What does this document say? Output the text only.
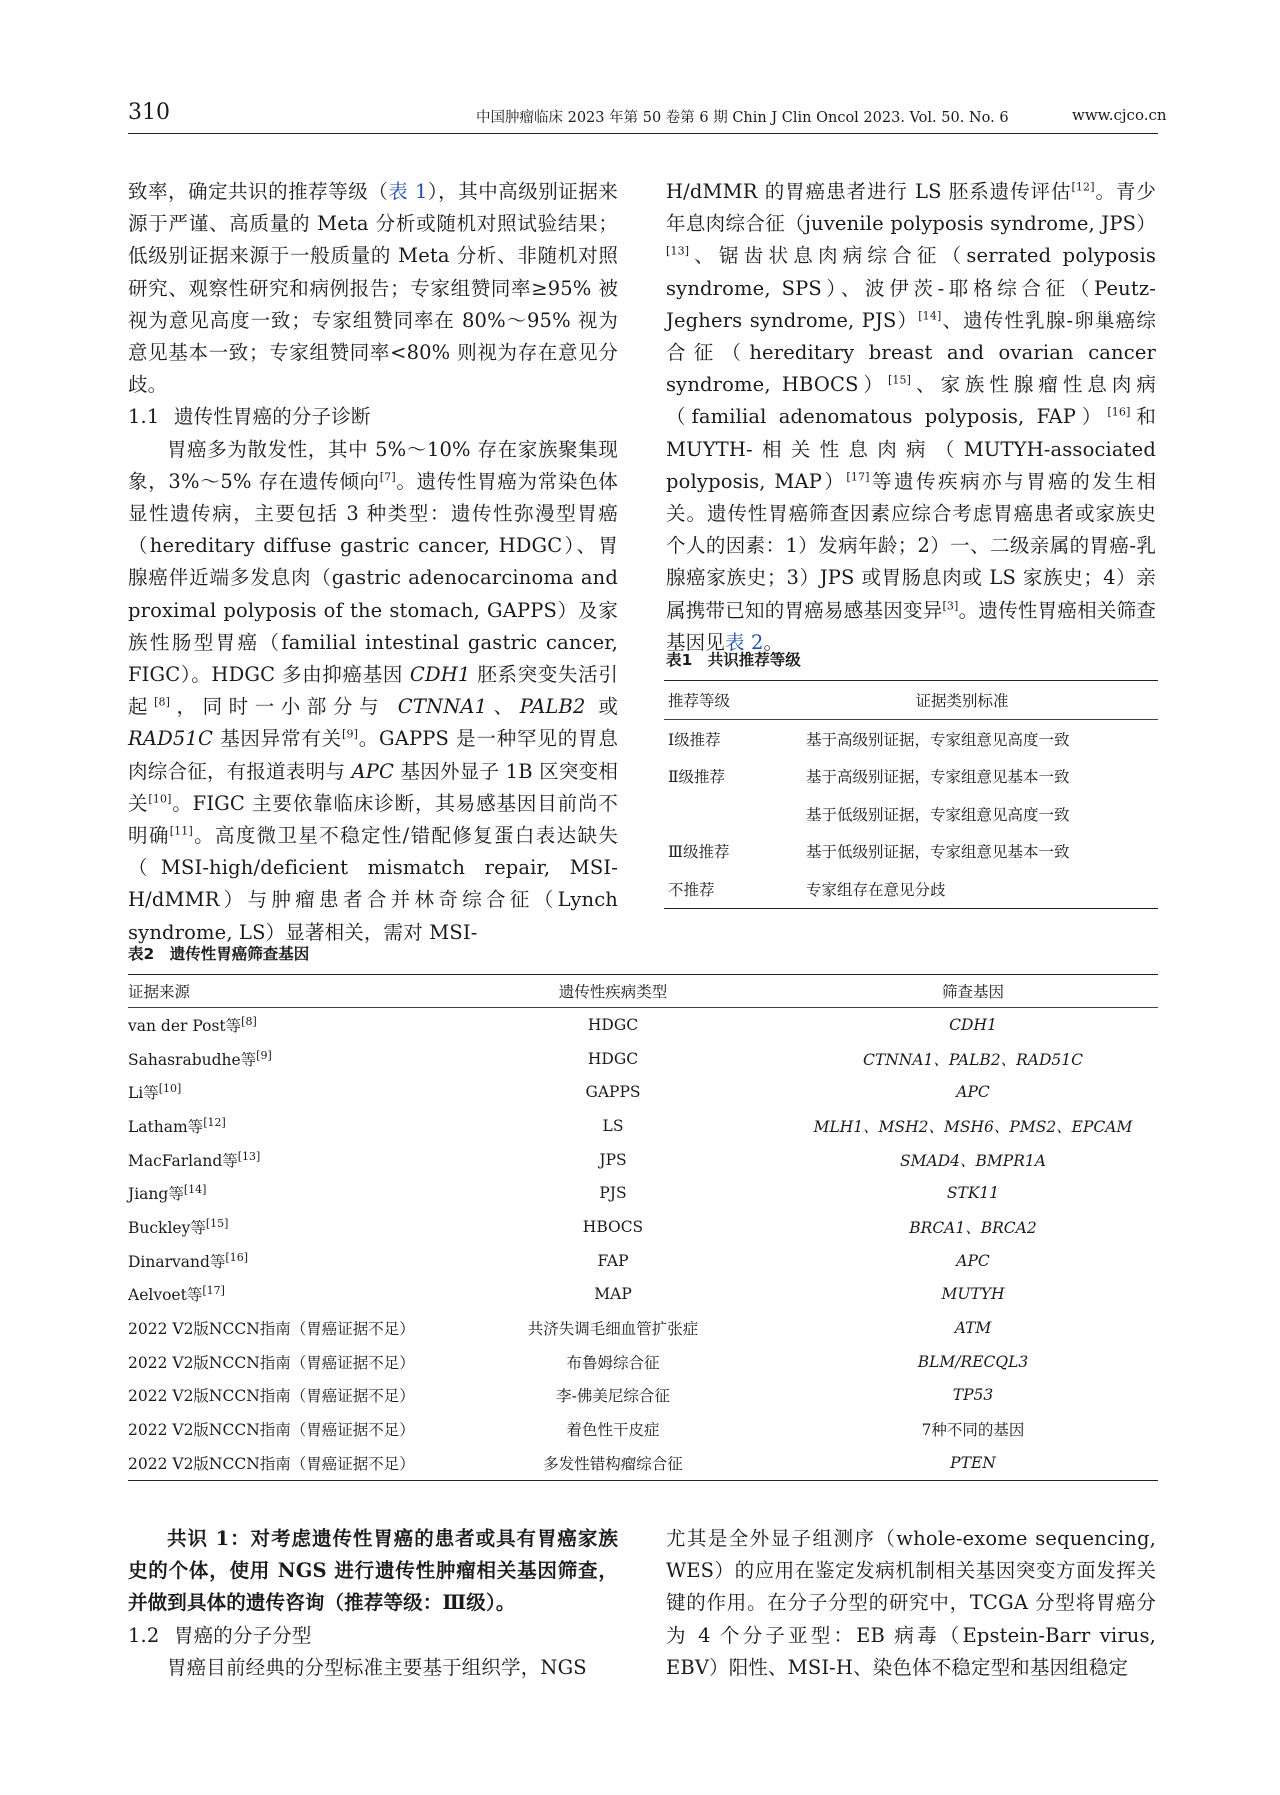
310	中国肿瘤临床 2023 年第 50 卷第 6 期 Chin J Clin Oncol 2023. Vol. 50. No. 6	www.cjco.cn

致率，确定共识的推荐等级（表 1），其中高级别证据来源于严谨、高质量的 Meta 分析或随机对照试验结果；低级别证据来源于一般质量的 Meta 分析、非随机对照研究、观察性研究和病例报告；专家组赞同率≥95% 被视为意见高度一致；专家组赞同率在 80%～95% 视为意见基本一致；专家组赞同率<80% 则视为存在意见分歧。

1.1 遗传性胃癌的分子诊断

胃癌多为散发性，其中 5%～10% 存在家族聚集现象，3%～5% 存在遗传倾向[7]。遗传性胃癌为常染色体显性遗传病，主要包括 3 种类型：遗传性弥漫型胃癌（hereditary diffuse gastric cancer, HDGC）、胃腺癌伴近端多发息肉（gastric adenocarcinoma and proximal polyposis of the stomach, GAPPS）及家族性肠型胃癌（familial intestinal gastric cancer, FIGC）。HDGC 多由抑癌基因 CDH1 胚系突变失活引起[8]，同时一小部分与 CTNNA1、PALB2 或 RAD51C 基因异常有关[9]。GAPPS 是一种罕见的胃息肉综合征，有报道表明与 APC 基因外显子 1B 区突变相关[10]。FIGC 主要依靠临床诊断，其易感基因目前尚不明确[11]。高度微卫星不稳定性/错配修复蛋白表达缺失（MSI-high/deficient mismatch repair, MSI-H/dMMR）与肿瘤患者合并林奇综合征（Lynch syndrome, LS）显著相关，需对 MSI-

H/dMMR 的胃癌患者进行 LS 胚系遗传评估[12]。青少年息肉综合征（juvenile polyposis syndrome, JPS）[13]、锯齿状息肉病综合征（serrated polyposis syndrome, SPS）、波伊茨-耶格综合征（Peutz-Jeghers syndrome, PJS）[14]、遗传性乳腺-卵巢癌综合征（hereditary breast and ovarian cancer syndrome, HBOCS）[15]、家族性腺瘤性息肉病（familial adenomatous polyposis, FAP）[16]和 MUYTH-相关性息肉病（MUTYH-associated polyposis, MAP）[17]等遗传疾病亦与胃癌的发生相关。遗传性胃癌筛查因素应综合考虑胃癌患者或家族史个人的因素：1）发病年龄；2）一、二级亲属的胃癌-乳腺癌家族史；3）JPS 或胃肠息肉或 LS 家族史；4）亲属携带已知的胃癌易感基因变异[3]。遗传性胃癌相关筛查基因见表 2。

表1　共识推荐等级
推荐等级	证据类别标准
Ⅰ级推荐	基于高级别证据，专家组意见高度一致
Ⅱ级推荐	基于高级别证据，专家组意见基本一致
基于低级别证据，专家组意见高度一致
Ⅲ级推荐	基于低级别证据，专家组意见基本一致
不推荐	专家组存在意见分歧
表2　遗传性胃癌筛查基因
证据来源	遗传性疾病类型	筛查基因
van der Post等[8]	HDGC	CDH1
Sahasrabudhe等[9]	HDGC	CTNNA1、PALB2、RAD51C
Li等[10]	GAPPS	APC
Latham等[12]	LS	MLH1、MSH2、MSH6、PMS2、EPCAM
MacFarland等[13]	JPS	SMAD4、BMPR1A
Jiang等[14]	PJS	STK11
Buckley等[15]	HBOCS	BRCA1、BRCA2
Dinarvand等[16]	FAP	APC
Aelvoet等[17]	MAP	MUTYH
2022 V2版NCCN指南（胃癌证据不足）	共济失调毛细血管扩张症	ATM
2022 V2版NCCN指南（胃癌证据不足）	布鲁姆综合征	BLM/RECQL3
2022 V2版NCCN指南（胃癌证据不足）	李-佛美尼综合征	TP53
2022 V2版NCCN指南（胃癌证据不足）	着色性干皮症	7种不同的基因
2022 V2版NCCN指南（胃癌证据不足）	多发性错构瘤综合征	PTEN

共识 1：对考虑遗传性胃癌的患者或具有胃癌家族史的个体，使用 NGS 进行遗传性肿瘤相关基因筛查，并做到具体的遗传咨询（推荐等级：Ⅲ级）。

1.2 胃癌的分子分型

胃癌目前经典的分型标准主要基于组织学，NGS

尤其是全外显子组测序（whole-exome sequencing, WES）的应用在鉴定发病机制相关基因突变方面发挥关键的作用。在分子分型的研究中，TCGA 分型将胃癌分为 4 个分子亚型：EB 病毒（Epstein-Barr virus, EBV）阳性、MSI-H、染色体不稳定型和基因组稳定
